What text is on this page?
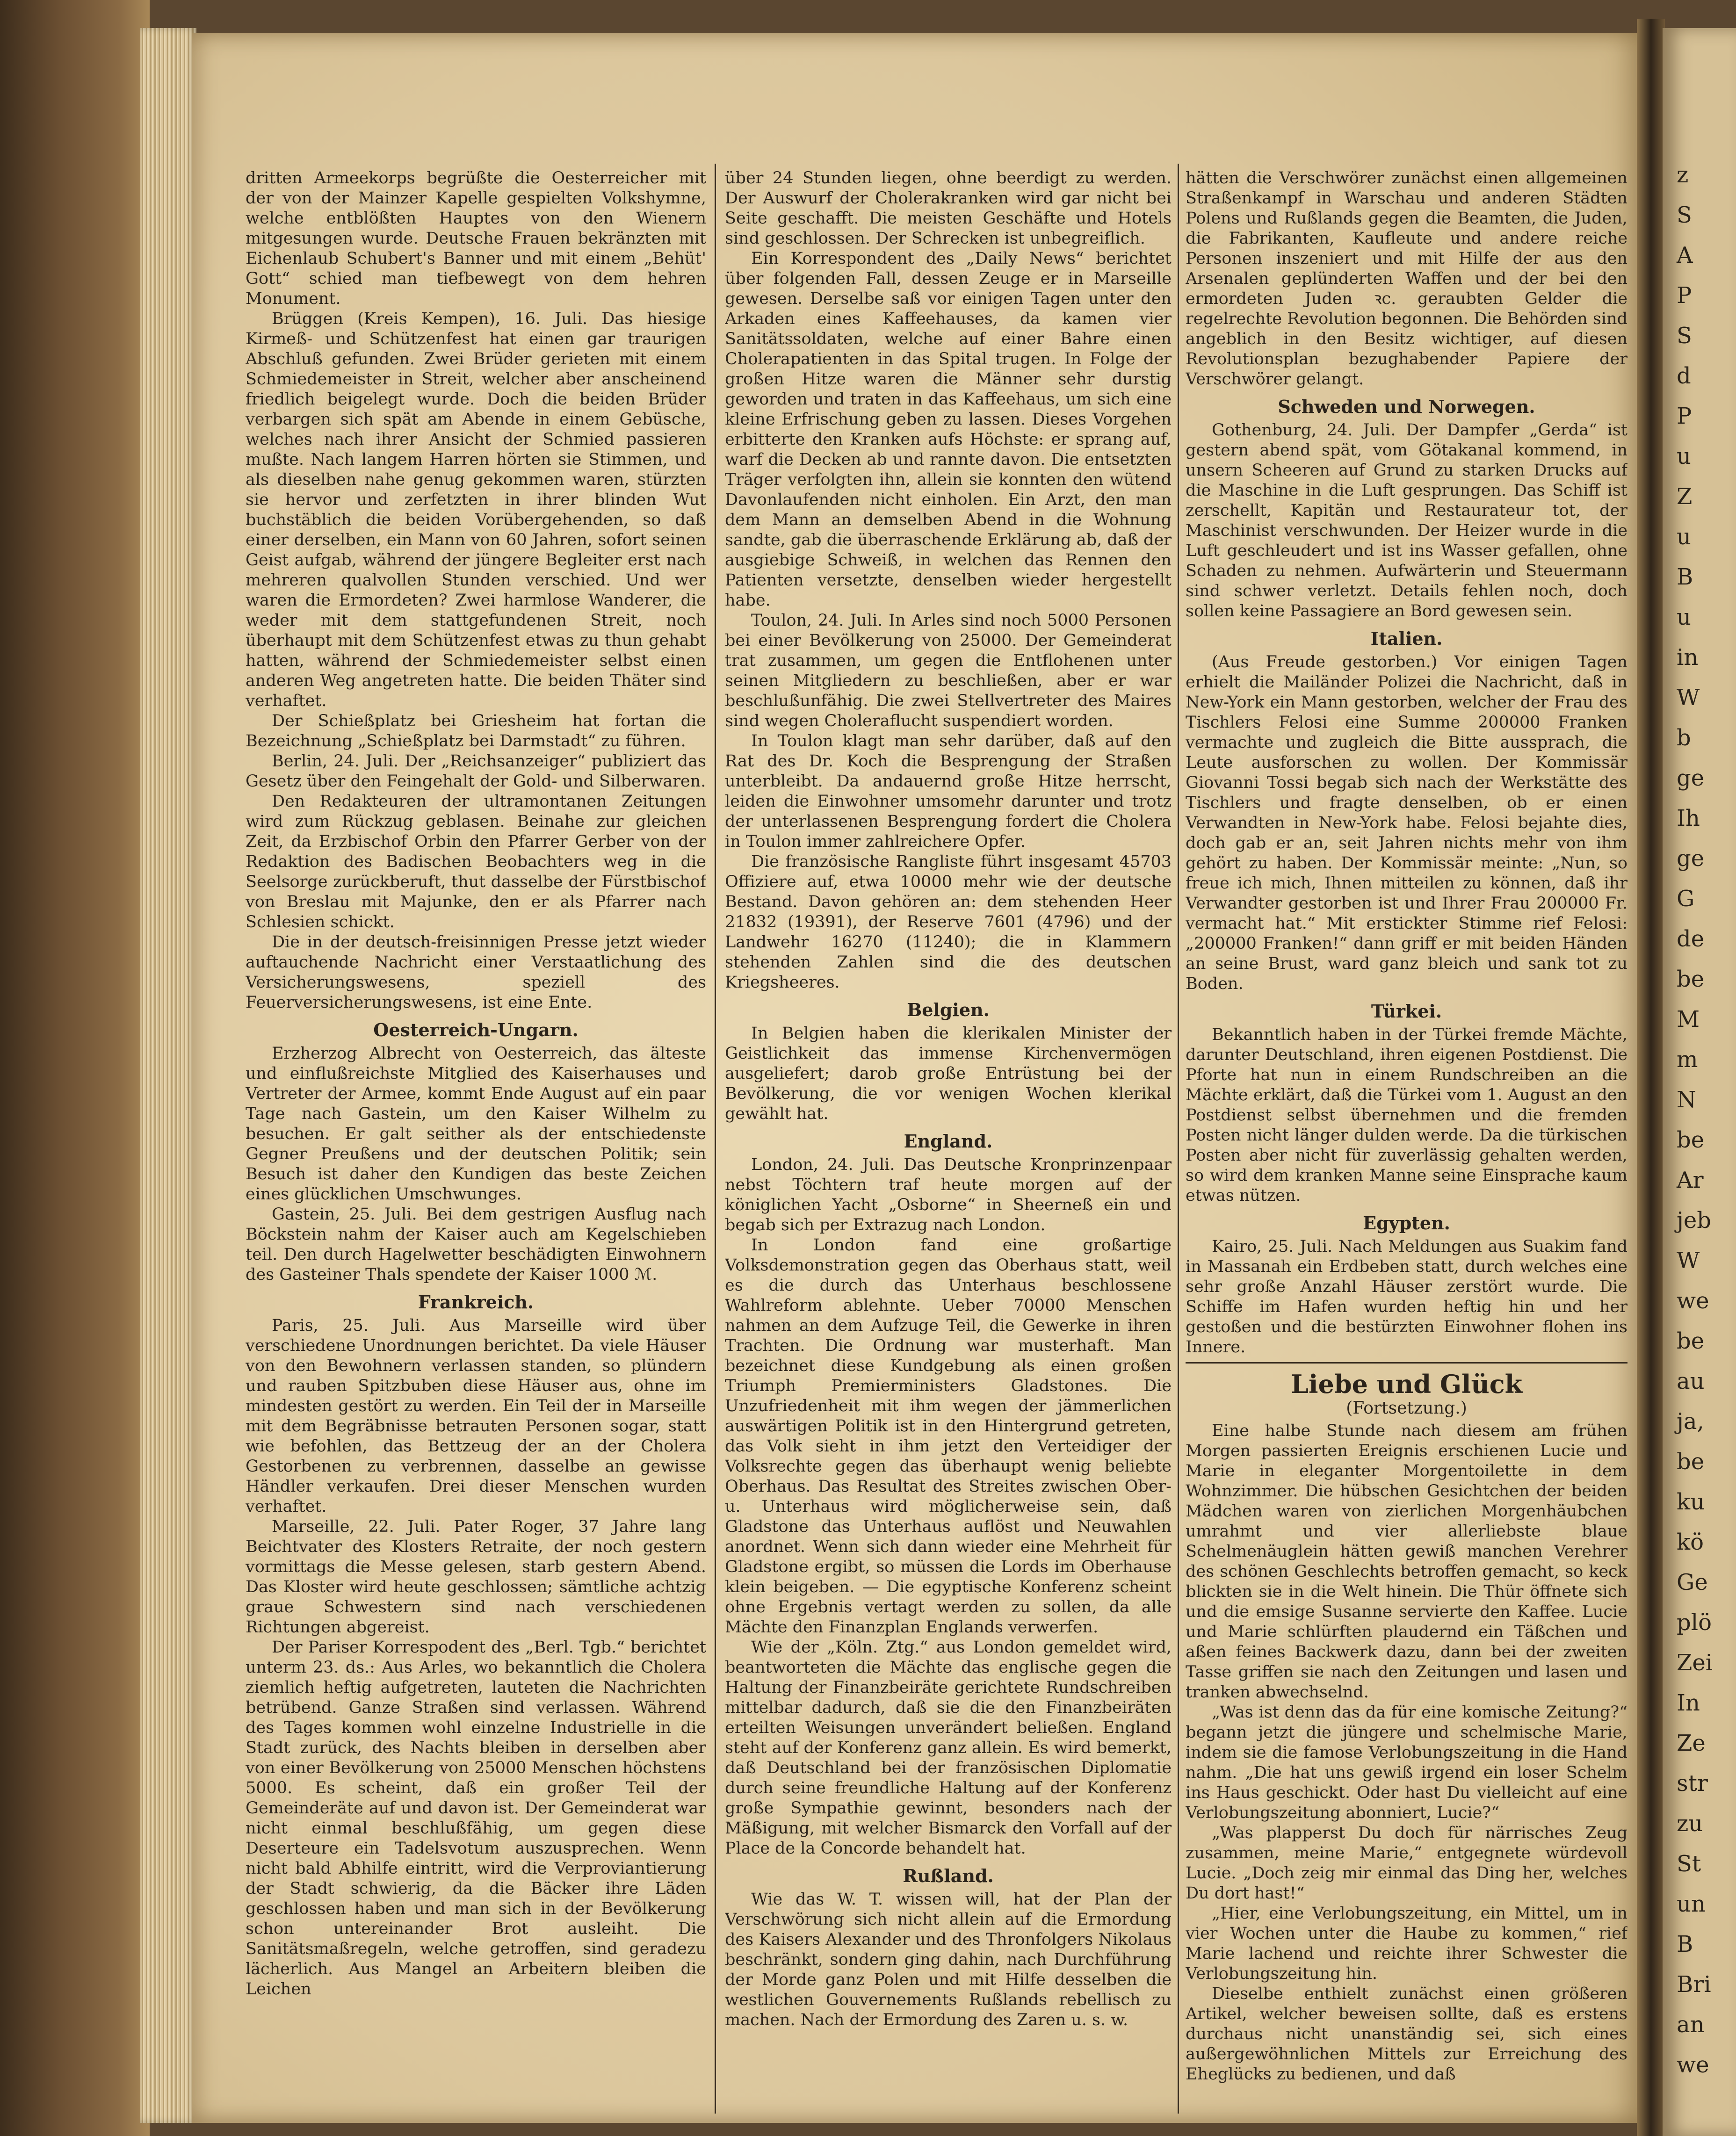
dritten Armeekorps begrüßte die Oesterreicher mit der von der Mainzer Kapelle gespielten Volkshymne, welche entblößten Hauptes von den Wienern mitgesungen wurde. Deutsche Frauen bekränzten mit Eichenlaub Schubert's Banner und mit einem „Behüt' Gott“ schied man tiefbewegt von dem hehren Monument.

Brüggen (Kreis Kempen), 16. Juli. Das hiesige Kirmeß- und Schützenfest hat einen gar traurigen Abschluß gefunden. Zwei Brüder gerieten mit einem Schmiedemeister in Streit, welcher aber anscheinend friedlich beigelegt wurde. Doch die beiden Brüder verbargen sich spät am Abende in einem Gebüsche, welches nach ihrer Ansicht der Schmied passieren mußte. Nach langem Harren hörten sie Stimmen, und als dieselben nahe genug gekommen waren, stürzten sie hervor und zerfetzten in ihrer blinden Wut buchstäblich die beiden Vorübergehenden, so daß einer derselben, ein Mann von 60 Jahren, sofort seinen Geist aufgab, während der jüngere Begleiter erst nach mehreren qualvollen Stunden verschied. Und wer waren die Ermordeten? Zwei harmlose Wanderer, die weder mit dem stattgefundenen Streit, noch überhaupt mit dem Schützenfest etwas zu thun gehabt hatten, während der Schmiedemeister selbst einen anderen Weg angetreten hatte. Die beiden Thäter sind verhaftet.

Der Schießplatz bei Griesheim hat fortan die Bezeichnung „Schießplatz bei Darmstadt“ zu führen.

Berlin, 24. Juli. Der „Reichsanzeiger“ publiziert das Gesetz über den Feingehalt der Gold- und Silberwaren.

Den Redakteuren der ultramontanen Zeitungen wird zum Rückzug geblasen. Beinahe zur gleichen Zeit, da Erzbischof Orbin den Pfarrer Gerber von der Redaktion des Badischen Beobachters weg in die Seelsorge zurückberuft, thut dasselbe der Fürstbischof von Breslau mit Majunke, den er als Pfarrer nach Schlesien schickt.

Die in der deutsch-freisinnigen Presse jetzt wieder auftauchende Nachricht einer Verstaatlichung des Versicherungswesens, speziell des Feuerversicherungswesens, ist eine Ente.

Oesterreich-Ungarn.

Erzherzog Albrecht von Oesterreich, das älteste und einflußreichste Mitglied des Kaiserhauses und Vertreter der Armee, kommt Ende August auf ein paar Tage nach Gastein, um den Kaiser Wilhelm zu besuchen. Er galt seither als der entschiedenste Gegner Preußens und der deutschen Politik; sein Besuch ist daher den Kundigen das beste Zeichen eines glücklichen Umschwunges.

Gastein, 25. Juli. Bei dem gestrigen Ausflug nach Böckstein nahm der Kaiser auch am Kegelschieben teil. Den durch Hagelwetter beschädigten Einwohnern des Gasteiner Thals spendete der Kaiser 1000 ℳ.

Frankreich.

Paris, 25. Juli. Aus Marseille wird über verschiedene Unordnungen berichtet. Da viele Häuser von den Bewohnern verlassen standen, so plündern und rauben Spitzbuben diese Häuser aus, ohne im mindesten gestört zu werden. Ein Teil der in Marseille mit dem Begräbnisse betrauten Personen sogar, statt wie befohlen, das Bettzeug der an der Cholera Gestorbenen zu verbrennen, dasselbe an gewisse Händler verkaufen. Drei dieser Menschen wurden verhaftet.

Marseille, 22. Juli. Pater Roger, 37 Jahre lang Beichtvater des Klosters Retraite, der noch gestern vormittags die Messe gelesen, starb gestern Abend. Das Kloster wird heute geschlossen; sämtliche achtzig graue Schwestern sind nach verschiedenen Richtungen abgereist.

Der Pariser Korrespodent des „Berl. Tgb.“ berichtet unterm 23. ds.: Aus Arles, wo bekanntlich die Cholera ziemlich heftig aufgetreten, lauteten die Nachrichten betrübend. Ganze Straßen sind verlassen. Während des Tages kommen wohl einzelne Industrielle in die Stadt zurück, des Nachts bleiben in derselben aber von einer Bevölkerung von 25000 Menschen höchstens 5000. Es scheint, daß ein großer Teil der Gemeinderäte auf und davon ist. Der Gemeinderat war nicht einmal beschlußfähig, um gegen diese Deserteure ein Tadelsvotum auszusprechen. Wenn nicht bald Abhilfe eintritt, wird die Verproviantierung der Stadt schwierig, da die Bäcker ihre Läden geschlossen haben und man sich in der Bevölkerung schon untereinander Brot ausleiht. Die Sanitätsmaßregeln, welche getroffen, sind geradezu lächerlich. Aus Mangel an Arbeitern bleiben die Leichen

über 24 Stunden liegen, ohne beerdigt zu werden. Der Auswurf der Cholerakranken wird gar nicht bei Seite geschafft. Die meisten Geschäfte und Hotels sind geschlossen. Der Schrecken ist unbegreiflich.

Ein Korrespondent des „Daily News“ berichtet über folgenden Fall, dessen Zeuge er in Marseille gewesen. Derselbe saß vor einigen Tagen unter den Arkaden eines Kaffeehauses, da kamen vier Sanitätssoldaten, welche auf einer Bahre einen Cholerapatienten in das Spital trugen. In Folge der großen Hitze waren die Männer sehr durstig geworden und traten in das Kaffeehaus, um sich eine kleine Erfrischung geben zu lassen. Dieses Vorgehen erbitterte den Kranken aufs Höchste: er sprang auf, warf die Decken ab und rannte davon. Die entsetzten Träger verfolgten ihn, allein sie konnten den wütend Davonlaufenden nicht einholen. Ein Arzt, den man dem Mann an demselben Abend in die Wohnung sandte, gab die überraschende Erklärung ab, daß der ausgiebige Schweiß, in welchen das Rennen den Patienten versetzte, denselben wieder hergestellt habe.

Toulon, 24. Juli. In Arles sind noch 5000 Personen bei einer Bevölkerung von 25000. Der Gemeinderat trat zusammen, um gegen die Entflohenen unter seinen Mitgliedern zu beschließen, aber er war beschlußunfähig. Die zwei Stellvertreter des Maires sind wegen Choleraflucht suspendiert worden.

In Toulon klagt man sehr darüber, daß auf den Rat des Dr. Koch die Besprengung der Straßen unterbleibt. Da andauernd große Hitze herrscht, leiden die Einwohner umsomehr darunter und trotz der unterlassenen Besprengung fordert die Cholera in Toulon immer zahlreichere Opfer.

Die französische Rangliste führt insgesamt 45703 Offiziere auf, etwa 10000 mehr wie der deutsche Bestand. Davon gehören an: dem stehenden Heer 21832 (19391), der Reserve 7601 (4796) und der Landwehr 16270 (11240); die in Klammern stehenden Zahlen sind die des deutschen Kriegsheeres.

Belgien.

In Belgien haben die klerikalen Minister der Geistlichkeit das immense Kirchenvermögen ausgeliefert; darob große Entrüstung bei der Bevölkerung, die vor wenigen Wochen klerikal gewählt hat.

England.

London, 24. Juli. Das Deutsche Kronprinzenpaar nebst Töchtern traf heute morgen auf der königlichen Yacht „Osborne“ in Sheerneß ein und begab sich per Extrazug nach London.

In London fand eine großartige Volksdemonstration gegen das Oberhaus statt, weil es die durch das Unterhaus beschlossene Wahlreform ablehnte. Ueber 70000 Menschen nahmen an dem Aufzuge Teil, die Gewerke in ihren Trachten. Die Ordnung war musterhaft. Man bezeichnet diese Kundgebung als einen großen Triumph Premierministers Gladstones. Die Unzufriedenheit mit ihm wegen der jämmerlichen auswärtigen Politik ist in den Hintergrund getreten, das Volk sieht in ihm jetzt den Verteidiger der Volksrechte gegen das überhaupt wenig beliebte Oberhaus. Das Resultat des Streites zwischen Ober- u. Unterhaus wird möglicherweise sein, daß Gladstone das Unterhaus auflöst und Neuwahlen anordnet. Wenn sich dann wieder eine Mehrheit für Gladstone ergibt, so müssen die Lords im Oberhause klein beigeben. — Die egyptische Konferenz scheint ohne Ergebnis vertagt werden zu sollen, da alle Mächte den Finanzplan Englands verwerfen.

Wie der „Köln. Ztg.“ aus London gemeldet wird, beantworteten die Mächte das englische gegen die Haltung der Finanzbeiräte gerichtete Rundschreiben mittelbar dadurch, daß sie die den Finanzbeiräten erteilten Weisungen unverändert beließen. England steht auf der Konferenz ganz allein. Es wird bemerkt, daß Deutschland bei der französischen Diplomatie durch seine freundliche Haltung auf der Konferenz große Sympathie gewinnt, besonders nach der Mäßigung, mit welcher Bismarck den Vorfall auf der Place de la Concorde behandelt hat.

Rußland.

Wie das W. T. wissen will, hat der Plan der Verschwörung sich nicht allein auf die Ermordung des Kaisers Alexander und des Thronfolgers Nikolaus beschränkt, sondern ging dahin, nach Durchführung der Morde ganz Polen und mit Hilfe desselben die westlichen Gouvernements Rußlands rebellisch zu machen. Nach der Ermordung des Zaren u. s. w.

hätten die Verschwörer zunächst einen allgemeinen Straßenkampf in Warschau und anderen Städten Polens und Rußlands gegen die Beamten, die Juden, die Fabrikanten, Kaufleute und andere reiche Personen inszeniert und mit Hilfe der aus den Arsenalen geplünderten Waffen und der bei den ermordeten Juden ꝛc. geraubten Gelder die regelrechte Revolution begonnen. Die Behörden sind angeblich in den Besitz wichtiger, auf diesen Revolutionsplan bezughabender Papiere der Verschwörer gelangt.

Schweden und Norwegen.

Gothenburg, 24. Juli. Der Dampfer „Gerda“ ist gestern abend spät, vom Götakanal kommend, in unsern Scheeren auf Grund zu starken Drucks auf die Maschine in die Luft gesprungen. Das Schiff ist zerschellt, Kapitän und Restaurateur tot, der Maschinist verschwunden. Der Heizer wurde in die Luft geschleudert und ist ins Wasser gefallen, ohne Schaden zu nehmen. Aufwärterin und Steuermann sind schwer verletzt. Details fehlen noch, doch sollen keine Passagiere an Bord gewesen sein.

Italien.

(Aus Freude gestorben.) Vor einigen Tagen erhielt die Mailänder Polizei die Nachricht, daß in New-York ein Mann gestorben, welcher der Frau des Tischlers Felosi eine Summe 200000 Franken vermachte und zugleich die Bitte aussprach, die Leute ausforschen zu wollen. Der Kommissär Giovanni Tossi begab sich nach der Werkstätte des Tischlers und fragte denselben, ob er einen Verwandten in New-York habe. Felosi bejahte dies, doch gab er an, seit Jahren nichts mehr von ihm gehört zu haben. Der Kommissär meinte: „Nun, so freue ich mich, Ihnen mitteilen zu können, daß ihr Verwandter gestorben ist und Ihrer Frau 200000 Fr. vermacht hat.“ Mit erstickter Stimme rief Felosi: „200000 Franken!“ dann griff er mit beiden Händen an seine Brust, ward ganz bleich und sank tot zu Boden.

Türkei.

Bekanntlich haben in der Türkei fremde Mächte, darunter Deutschland, ihren eigenen Postdienst. Die Pforte hat nun in einem Rundschreiben an die Mächte erklärt, daß die Türkei vom 1. August an den Postdienst selbst übernehmen und die fremden Posten nicht länger dulden werde. Da die türkischen Posten aber nicht für zuverlässig gehalten werden, so wird dem kranken Manne seine Einsprache kaum etwas nützen.

Egypten.

Kairo, 25. Juli. Nach Meldungen aus Suakim fand in Massanah ein Erdbeben statt, durch welches eine sehr große Anzahl Häuser zerstört wurde. Die Schiffe im Hafen wurden heftig hin und her gestoßen und die bestürzten Einwohner flohen ins Innere.

Liebe und Glück
(Fortsetzung.)

Eine halbe Stunde nach diesem am frühen Morgen passierten Ereignis erschienen Lucie und Marie in eleganter Morgentoilette in dem Wohnzimmer. Die hübschen Gesichtchen der beiden Mädchen waren von zierlichen Morgenhäubchen umrahmt und vier allerliebste blaue Schelmenäuglein hätten gewiß manchen Verehrer des schönen Geschlechts betroffen gemacht, so keck blickten sie in die Welt hinein. Die Thür öffnete sich und die emsige Susanne servierte den Kaffee. Lucie und Marie schlürften plaudernd ein Täßchen und aßen feines Backwerk dazu, dann bei der zweiten Tasse griffen sie nach den Zeitungen und lasen und tranken abwechselnd.

„Was ist denn das da für eine komische Zeitung?“ begann jetzt die jüngere und schelmische Marie, indem sie die famose Verlobungszeitung in die Hand nahm. „Die hat uns gewiß irgend ein loser Schelm ins Haus geschickt. Oder hast Du vielleicht auf eine Verlobungszeitung abonniert, Lucie?“

„Was plapperst Du doch für närrisches Zeug zusammen, meine Marie,“ entgegnete würdevoll Lucie. „Doch zeig mir einmal das Ding her, welches Du dort hast!“

„Hier, eine Verlobungszeitung, ein Mittel, um in vier Wochen unter die Haube zu kommen,“ rief Marie lachend und reichte ihrer Schwester die Verlobungszeitung hin.

Dieselbe enthielt zunächst einen größeren Artikel, welcher beweisen sollte, daß es erstens durchaus nicht unanständig sei, sich eines außergewöhnlichen Mittels zur Erreichung des Eheglücks zu bedienen, und daß

z
S
A
P
S
d
P
u
Z
u
B
u
in
W
b
ge
Ih
ge
G
de
be
M
m
N
be
Ar
jeb
W
we
be
au
ja,
be
ku
kö
Ge
plö
Zei
In
Ze
str
zu
St
un
B
Bri
an
we
